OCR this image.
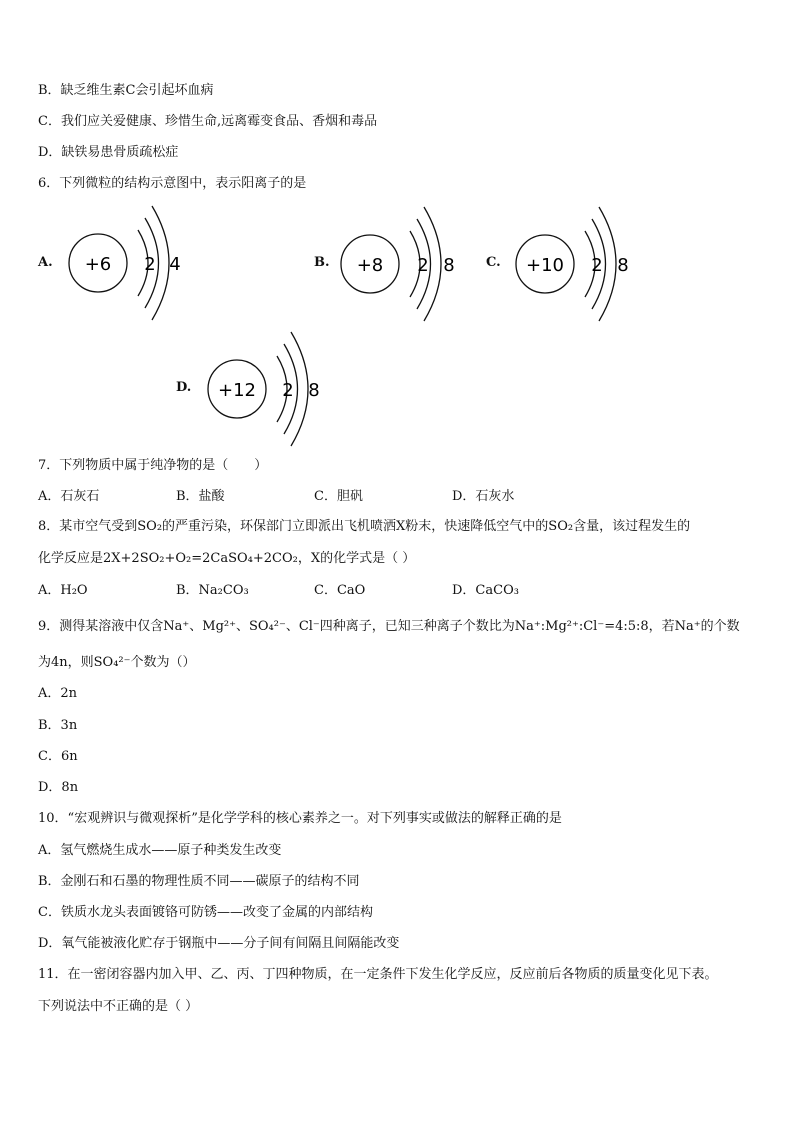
B．缺乏维生素C会引起坏血病
C．我们应关爱健康、珍惜生命,远离霉变食品、香烟和毒品
D．缺铁易患骨质疏松症
6．下列微粒的结构示意图中，表示阳离子的是
A. +6 2 4	B. +8 2 8 C. +10 2 8
D. +12 2 8
7．下列物质中属于纯净物的是（　　）
A．石灰石	B．盐酸	C．胆矾	D．石灰水
8．某市空气受到SO₂的严重污染，环保部门立即派出飞机喷洒X粉末，快速降低空气中的SO₂含量，该过程发生的
化学反应是2X+2SO₂+O₂=2CaSO₄+2CO₂，X的化学式是（ ）
A．H₂O	B．Na₂CO₃	C．CaO	D．CaCO₃
9．测得某溶液中仅含Na⁺、Mg²⁺、SO₄²⁻、Cl⁻四种离子，已知三种离子个数比为Na⁺:Mg²⁺:Cl⁻=4:5:8，若Na⁺的个数
为4n，则SO₄²⁻个数为（）
A．2n
B．3n
C．6n
D．8n
10．“宏观辨识与微观探析”是化学学科的核心素养之一。对下列事实或做法的解释正确的是
A．氢气燃烧生成水——原子种类发生改变
B．金刚石和石墨的物理性质不同——碳原子的结构不同
C．铁质水龙头表面镀铬可防锈——改变了金属的内部结构
D．氧气能被液化贮存于钢瓶中——分子间有间隔且间隔能改变
11．在一密闭容器内加入甲、乙、丙、丁四种物质，在一定条件下发生化学反应，反应前后各物质的质量变化见下表。
下列说法中不正确的是（ ）
